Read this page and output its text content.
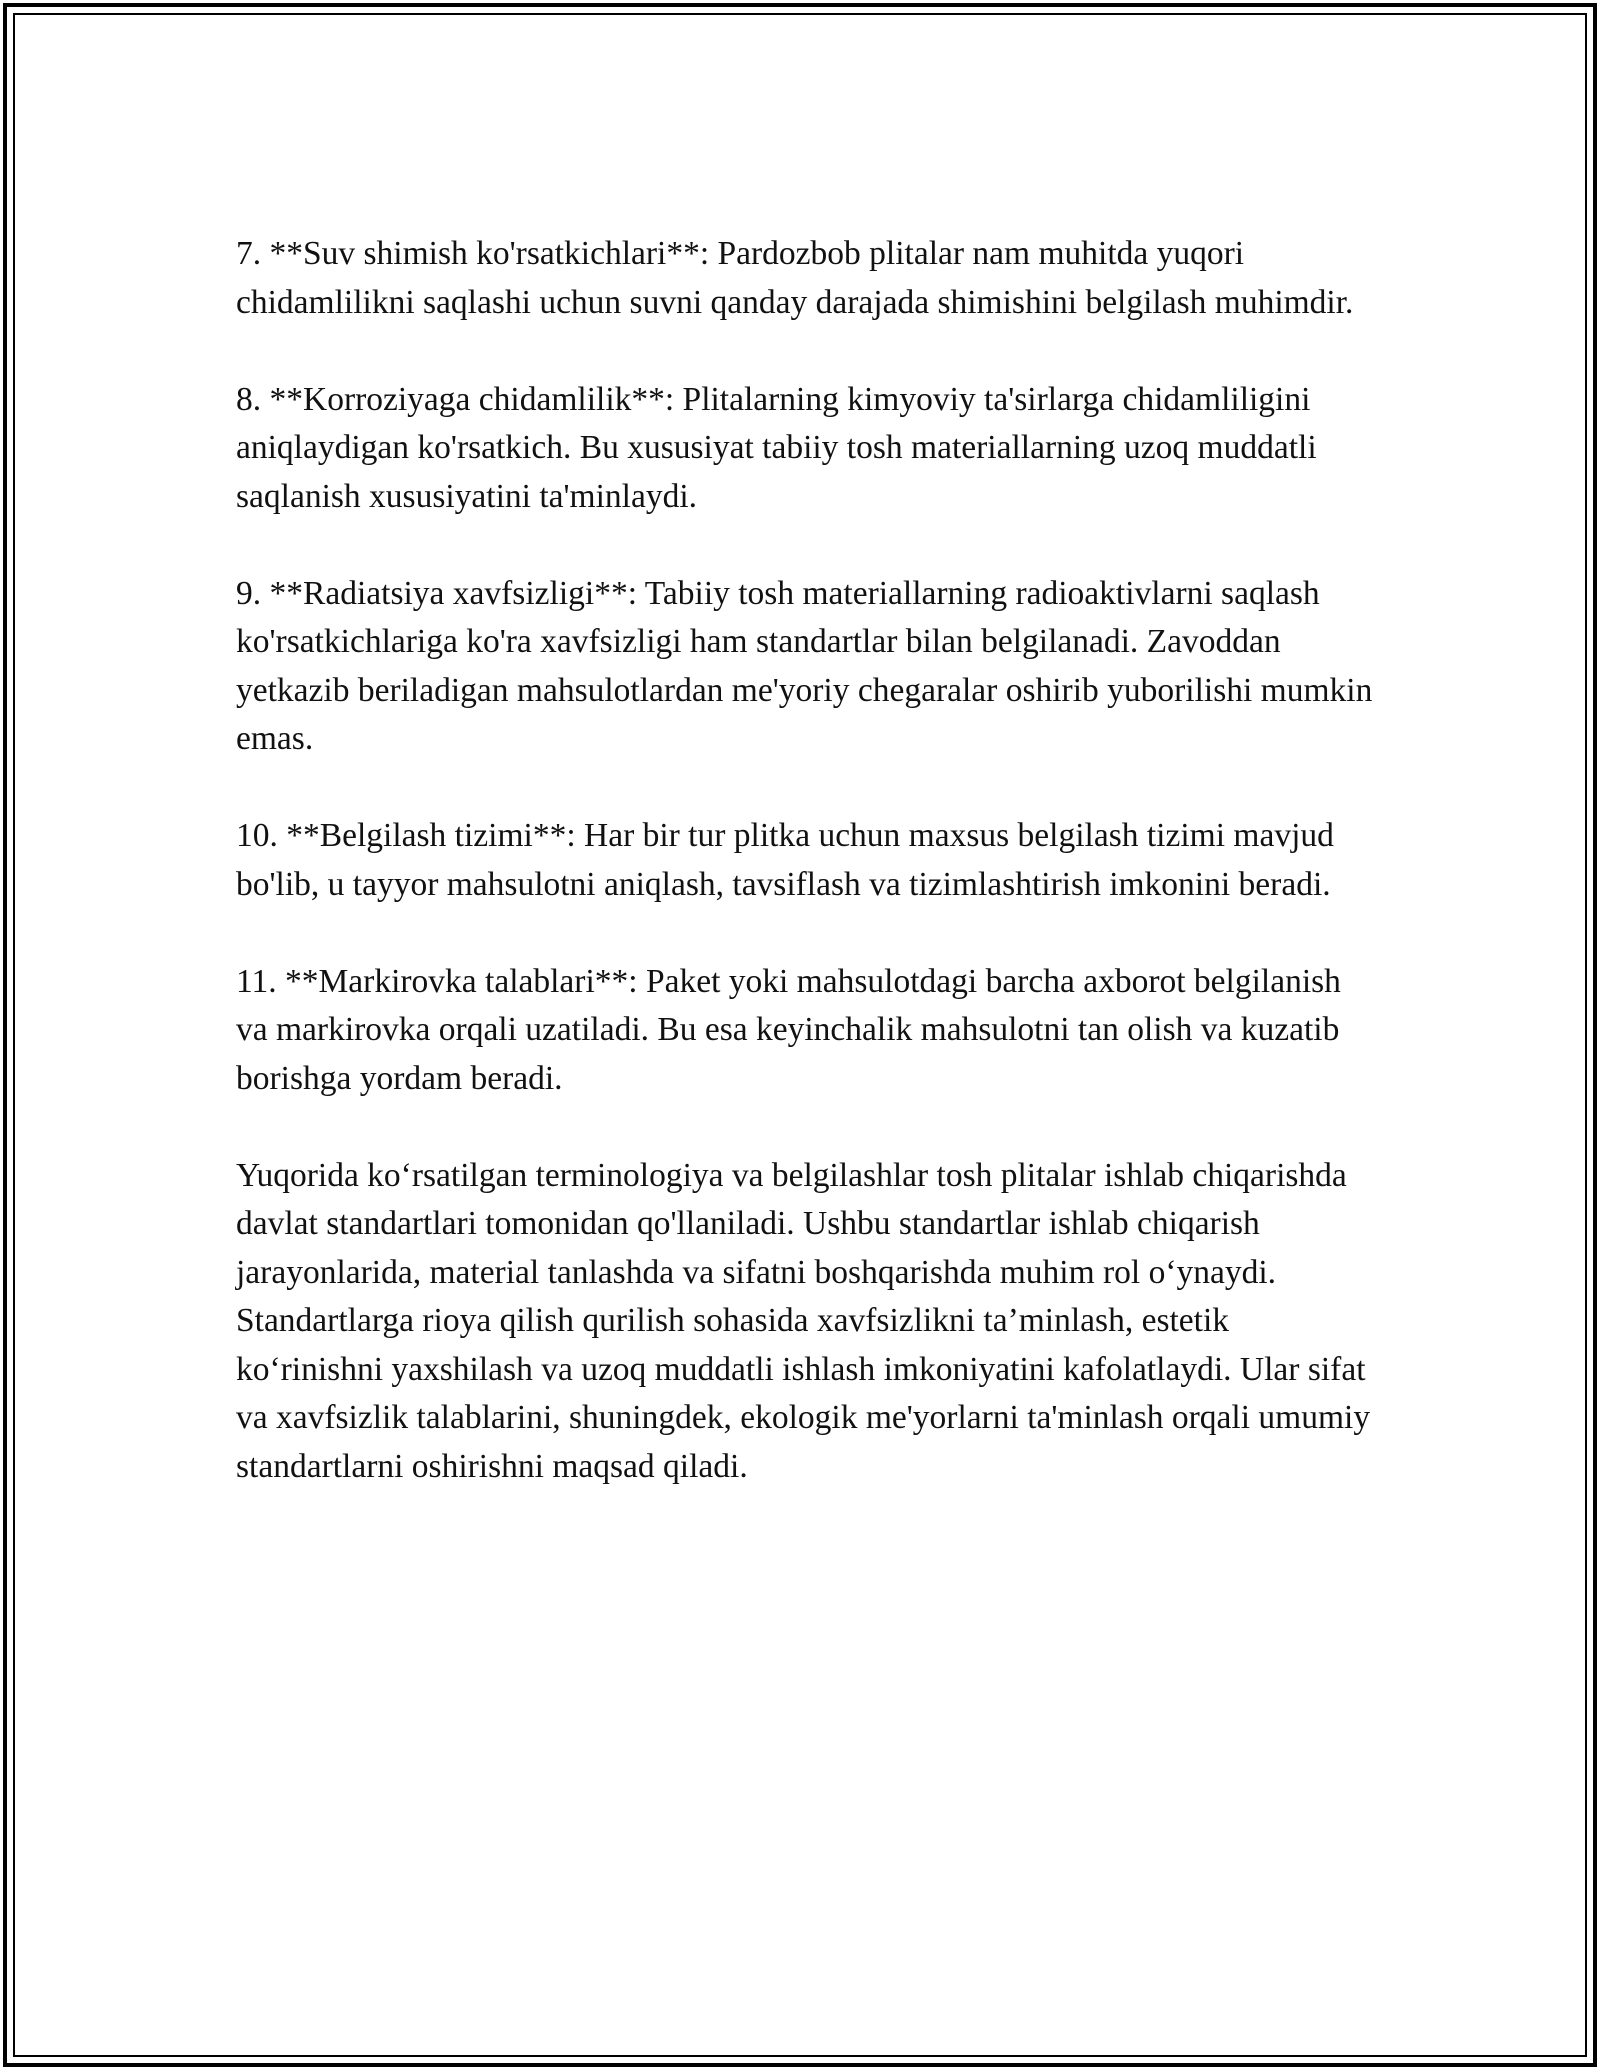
7. **Suv shimish ko'rsatkichlari**: Pardozbob plitalar nam muhitda yuqori chidamlilikni saqlashi uchun suvni qanday darajada shimishini belgilash muhimdir.

8. **Korroziyaga chidamlilik**: Plitalarning kimyoviy ta'sirlarga chidamliligini aniqlaydigan ko'rsatkich. Bu xususiyat tabiiy tosh materiallarning uzoq muddatli saqlanish xususiyatini ta'minlaydi.

9. **Radiatsiya xavfsizligi**: Tabiiy tosh materiallarning radioaktivlarni saqlash ko'rsatkichlariga ko'ra xavfsizligi ham standartlar bilan belgilanadi. Zavoddan yetkazib beriladigan mahsulotlardan me'yoriy chegaralar oshirib yuborilishi mumkin emas.

10. **Belgilash tizimi**: Har bir tur plitka uchun maxsus belgilash tizimi mavjud bo'lib, u tayyor mahsulotni aniqlash, tavsiflash va tizimlashtirish imkonini beradi.

11. **Markirovka talablari**: Paket yoki mahsulotdagi barcha axborot belgilanish va markirovka orqali uzatiladi. Bu esa keyinchalik mahsulotni tan olish va kuzatib borishga yordam beradi.

Yuqorida ko‘rsatilgan terminologiya va belgilashlar tosh plitalar ishlab chiqarishda davlat standartlari tomonidan qo'llaniladi. Ushbu standartlar ishlab chiqarish jarayonlarida, material tanlashda va sifatni boshqarishda muhim rol o‘ynaydi. Standartlarga rioya qilish qurilish sohasida xavfsizlikni ta’minlash, estetik ko‘rinishni yaxshilash va uzoq muddatli ishlash imkoniyatini kafolatlaydi. Ular sifat va xavfsizlik talablarini, shuningdek, ekologik me'yorlarni ta'minlash orqali umumiy standartlarni oshirishni maqsad qiladi.
